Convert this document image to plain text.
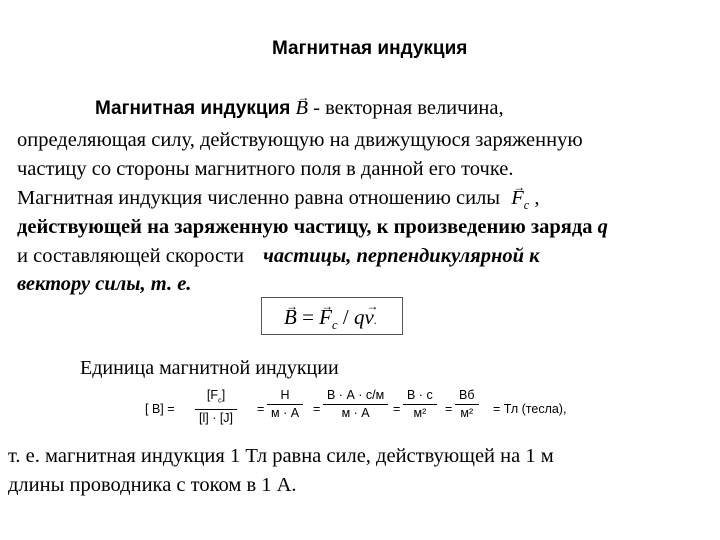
Магнитная индукция
Магнитная индукция → B - векторная величина,
определяющая силу, действующую на движущуюся заряженную
частицу со стороны магнитного поля в данной его точке.
Магнитная индукция численно равна отношению силы → $F_c$ ,
действующей на заряженную частицу, к произведению заряда q
и составляющей скорости частицы, перпендикулярной к
вектору силы, т. е.
→ B = → $F_c / q\to v$.
Единица магнитной индукции
[ $B] = \frac{[F_c]}{[l] \cdot [J]}$ =
Н
м · А	=
В · А · с/м
м · А	=
В · с
м²	=
Вб
м²	= Тл (тесла),
т. е. магнитная индукция 1 Тл равна силе, действующей на 1 м
длины проводника с током в 1 А.
